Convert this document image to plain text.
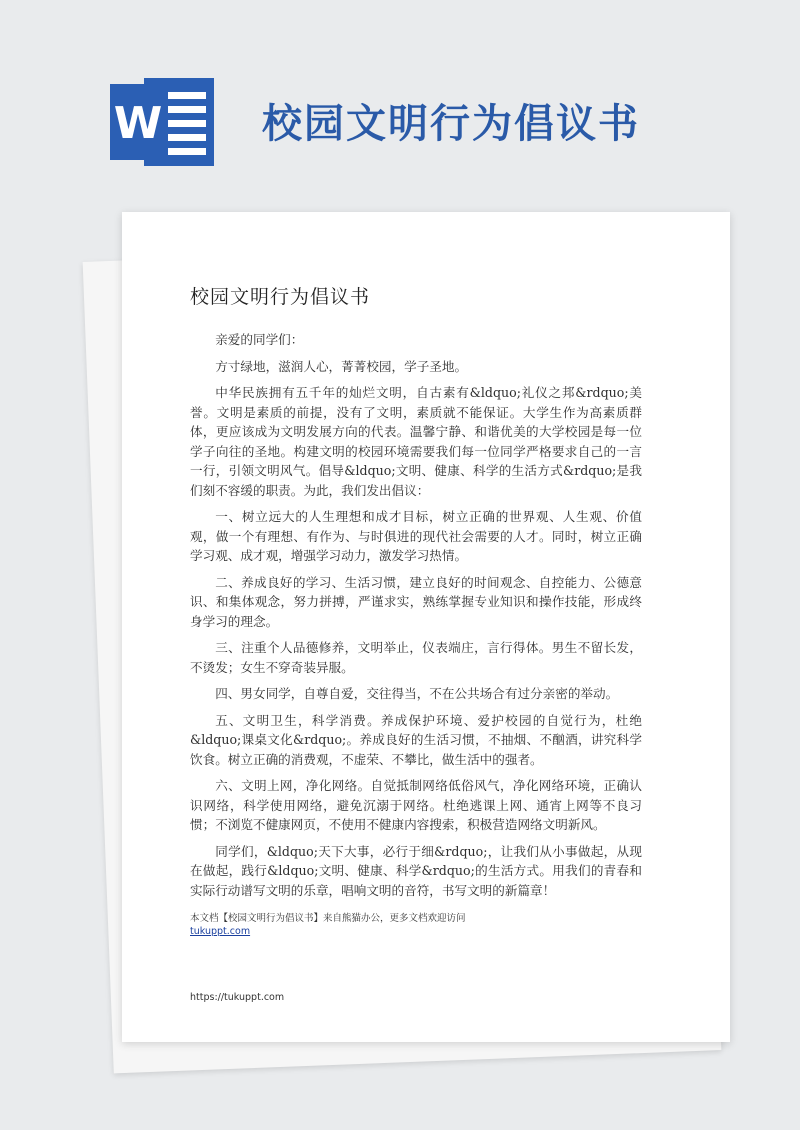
W 校园文明行为倡议书
校园文明行为倡议书

亲爱的同学们：

方寸绿地，滋润人心，菁菁校园，学子圣地。

中华民族拥有五千年的灿烂文明，自古素有&ldquo;礼仪之邦&rdquo;美誉。文明是素质的前提，没有了文明，素质就不能保证。大学生作为高素质群体，更应该成为文明发展方向的代表。温馨宁静、和谐优美的大学校园是每一位学子向往的圣地。构建文明的校园环境需要我们每一位同学严格要求自己的一言一行，引领文明风气。倡导&ldquo;文明、健康、科学的生活方式&rdquo;是我们刻不容缓的职责。为此，我们发出倡议：

一、树立远大的人生理想和成才目标，树立正确的世界观、人生观、价值观，做一个有理想、有作为、与时俱进的现代社会需要的人才。同时，树立正确学习观、成才观，增强学习动力，激发学习热情。

二、养成良好的学习、生活习惯，建立良好的时间观念、自控能力、公德意识、和集体观念，努力拼搏，严谨求实，熟练掌握专业知识和操作技能，形成终身学习的理念。

三、注重个人品德修养，文明举止，仪表端庄，言行得体。男生不留长发，不烫发；女生不穿奇装异服。

四、男女同学，自尊自爱，交往得当，不在公共场合有过分亲密的举动。

五、文明卫生，科学消费。养成保护环境、爱护校园的自觉行为，杜绝&ldquo;课桌文化&rdquo;。养成良好的生活习惯，不抽烟、不酗酒，讲究科学饮食。树立正确的消费观，不虚荣、不攀比，做生活中的强者。

六、文明上网，净化网络。自觉抵制网络低俗风气，净化网络环境，正确认识网络，科学使用网络，避免沉溺于网络。杜绝逃课上网、通宵上网等不良习惯；不浏览不健康网页，不使用不健康内容搜索，积极营造网络文明新风。

同学们，&ldquo;天下大事，必行于细&rdquo;，让我们从小事做起，从现在做起，践行&ldquo;文明、健康、科学&rdquo;的生活方式。用我们的青春和实际行动谱写文明的乐章，唱响文明的音符，书写文明的新篇章！

本文档【校园文明行为倡议书】来自熊猫办公，更多文档欢迎访问
tukuppt.com
https://tukuppt.com
